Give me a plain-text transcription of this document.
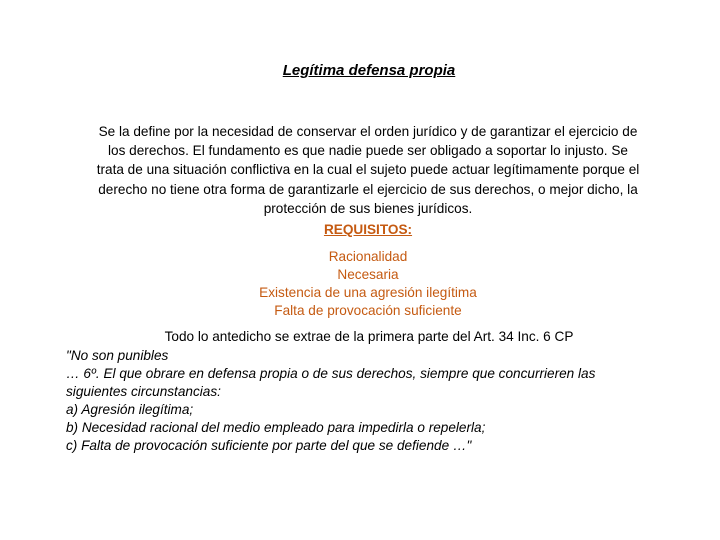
Legítima defensa propia
Se la define por la necesidad de conservar el orden jurídico y de garantizar el ejercicio de
los derechos. El fundamento es que nadie puede ser obligado a soportar lo injusto. Se
trata de una situación conflictiva en la cual el sujeto puede actuar legítimamente porque el
derecho no tiene otra forma de garantizarle el ejercicio de sus derechos, o mejor dicho, la
protección de sus bienes jurídicos.
REQUISITOS:
Racionalidad
Necesaria
Existencia de una agresión ilegítima
Falta de provocación suficiente
Todo lo antedicho se extrae de la primera parte del Art. 34 Inc. 6 CP
"No son punibles
… 6º. El que obrare en defensa propia o de sus derechos, siempre que concurrieren las
siguientes circunstancias:
a) Agresión ilegítima;
b) Necesidad racional del medio empleado para impedirla o repelerla;
c) Falta de provocación suficiente por parte del que se defiende …"
